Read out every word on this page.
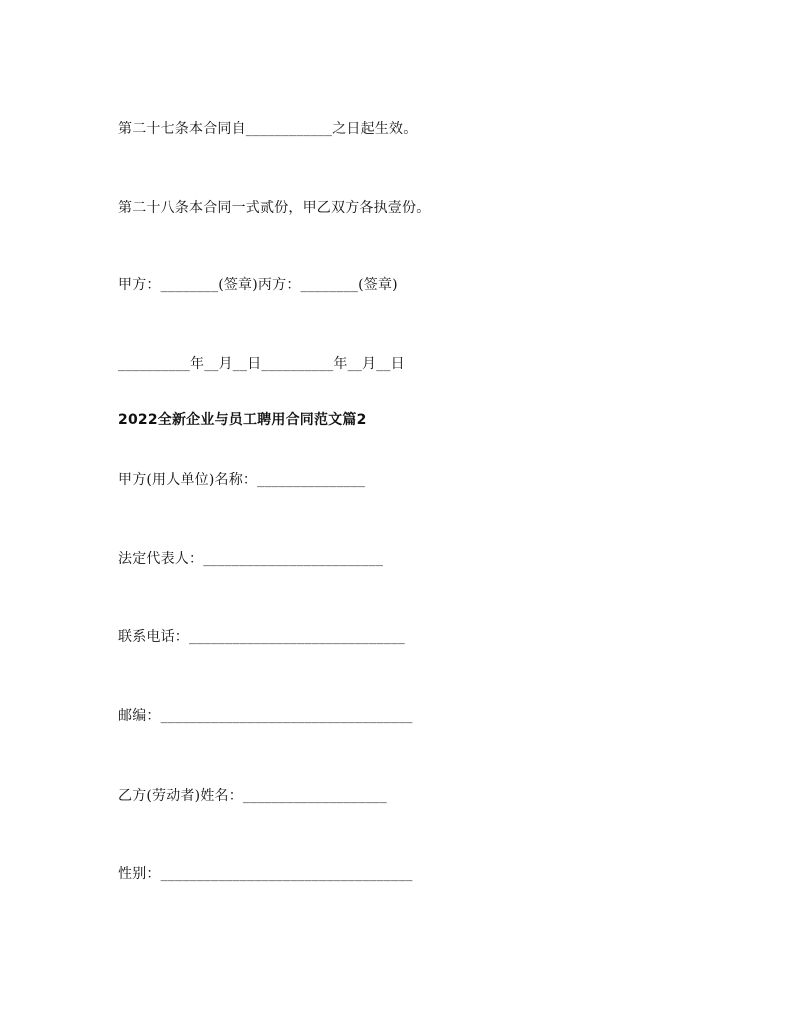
第二十七条本合同自____________之日起生效。
第二十八条本合同一式贰份，甲乙双方各执壹份。
甲方：________(签章)丙方：________(签章)
__________年__月__日__________年__月__日
2022全新企业与员工聘用合同范文篇2
甲方(用人单位)名称：_______________
法定代表人：_________________________
联系电话：______________________________
邮编：___________________________________
乙方(劳动者)姓名：____________________
性别：___________________________________
